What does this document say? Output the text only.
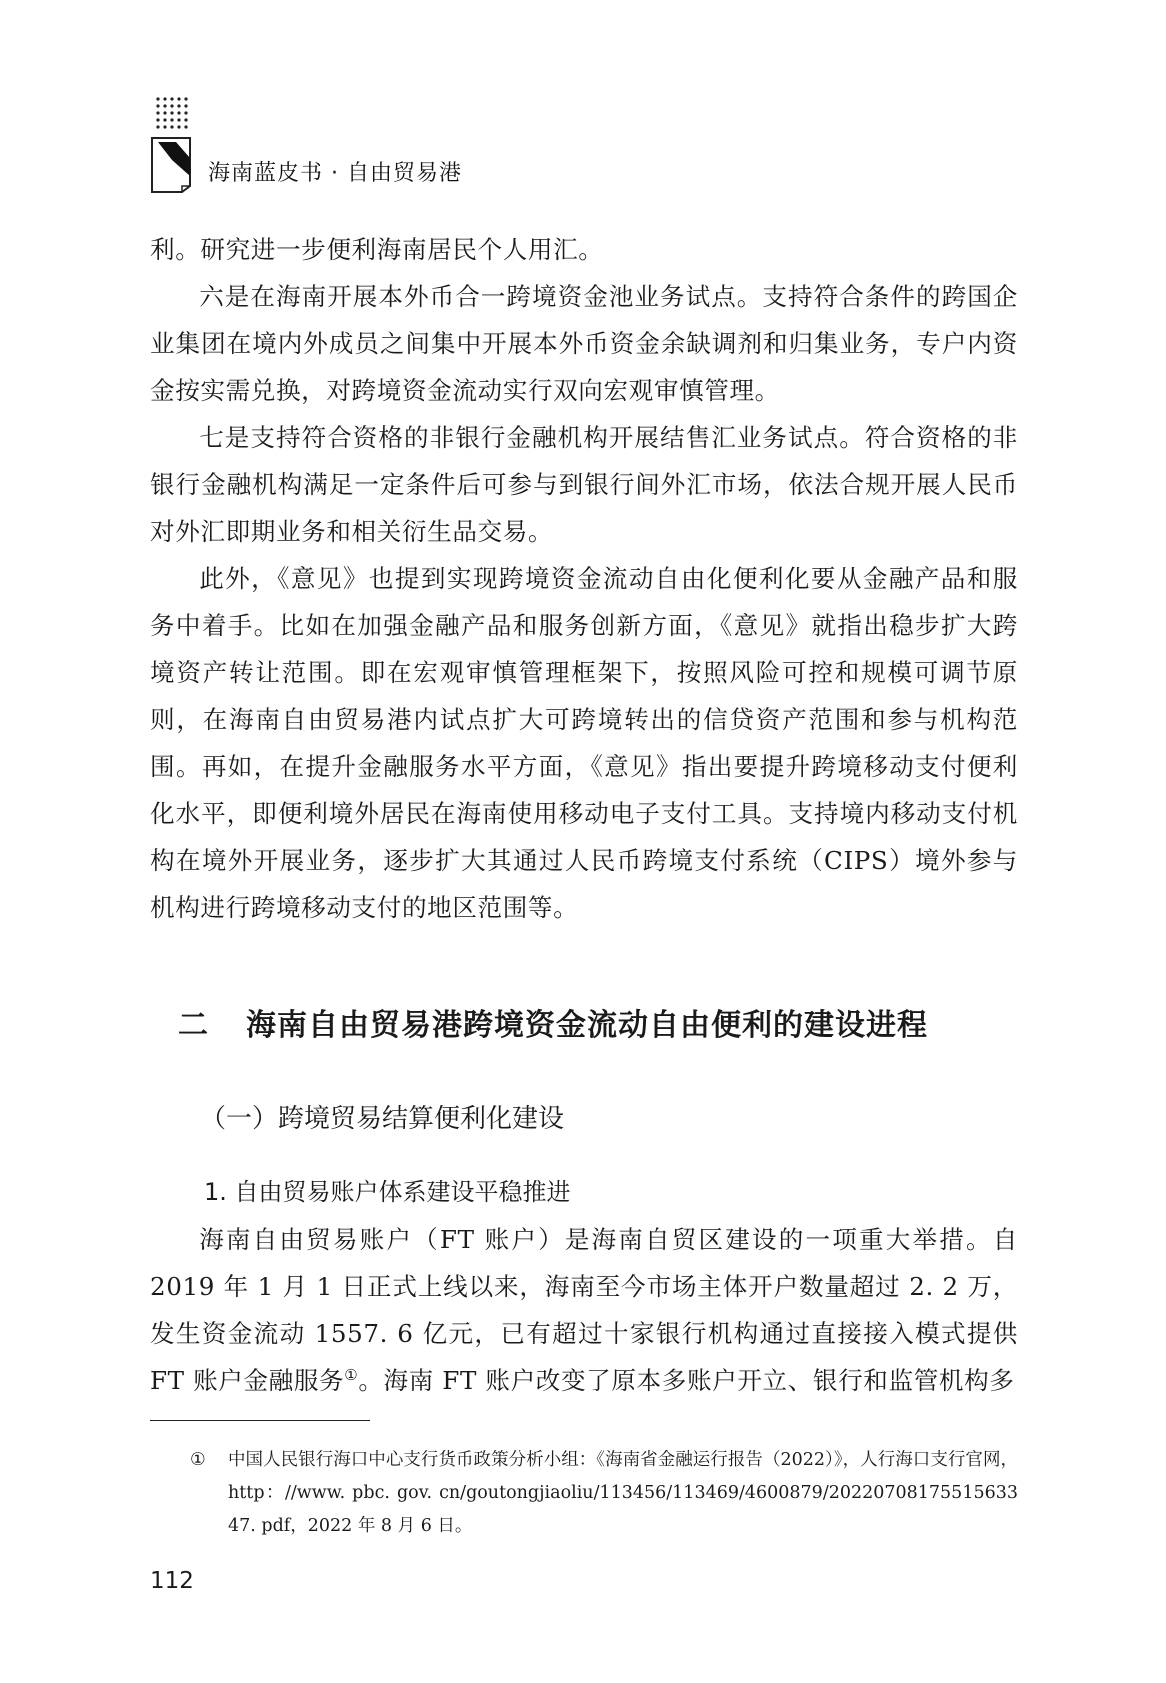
海南蓝皮书 · 自由贸易港

利。研究进一步便利海南居民个人用汇。

六是在海南开展本外币合一跨境资金池业务试点。支持符合条件的跨国企业集团在境内外成员之间集中开展本外币资金余缺调剂和归集业务，专户内资金按实需兑换，对跨境资金流动实行双向宏观审慎管理。

七是支持符合资格的非银行金融机构开展结售汇业务试点。符合资格的非银行金融机构满足一定条件后可参与到银行间外汇市场，依法合规开展人民币对外汇即期业务和相关衍生品交易。

此外，《意见》也提到实现跨境资金流动自由化便利化要从金融产品和服务中着手。比如在加强金融产品和服务创新方面，《意见》就指出稳步扩大跨境资产转让范围。即在宏观审慎管理框架下，按照风险可控和规模可调节原则，在海南自由贸易港内试点扩大可跨境转出的信贷资产范围和参与机构范围。再如，在提升金融服务水平方面，《意见》指出要提升跨境移动支付便利化水平，即便利境外居民在海南使用移动电子支付工具。支持境内移动支付机构在境外开展业务，逐步扩大其通过人民币跨境支付系统（CIPS）境外参与机构进行跨境移动支付的地区范围等。

二 海南自由贸易港跨境资金流动自由便利的建设进程
（一）跨境贸易结算便利化建设
1. 自由贸易账户体系建设平稳推进

海南自由贸易账户（FT 账户）是海南自贸区建设的一项重大举措。自 2019 年 1 月 1 日正式上线以来，海南至今市场主体开户数量超过 2. 2 万，发生资金流动 1557. 6 亿元，已有超过十家银行机构通过直接接入模式提供 FT 账户金融服务①。海南 FT 账户改变了原本多账户开立、银行和监管机构多

① 中国人民银行海口中心支行货币政策分析小组：《海南省金融运行报告（2022）》，人行海口支行官网，http：//www. pbc. gov. cn/goutongjiaoliu/113456/113469/4600879/2022070817551563347. pdf，2022 年 8 月 6 日。
112
